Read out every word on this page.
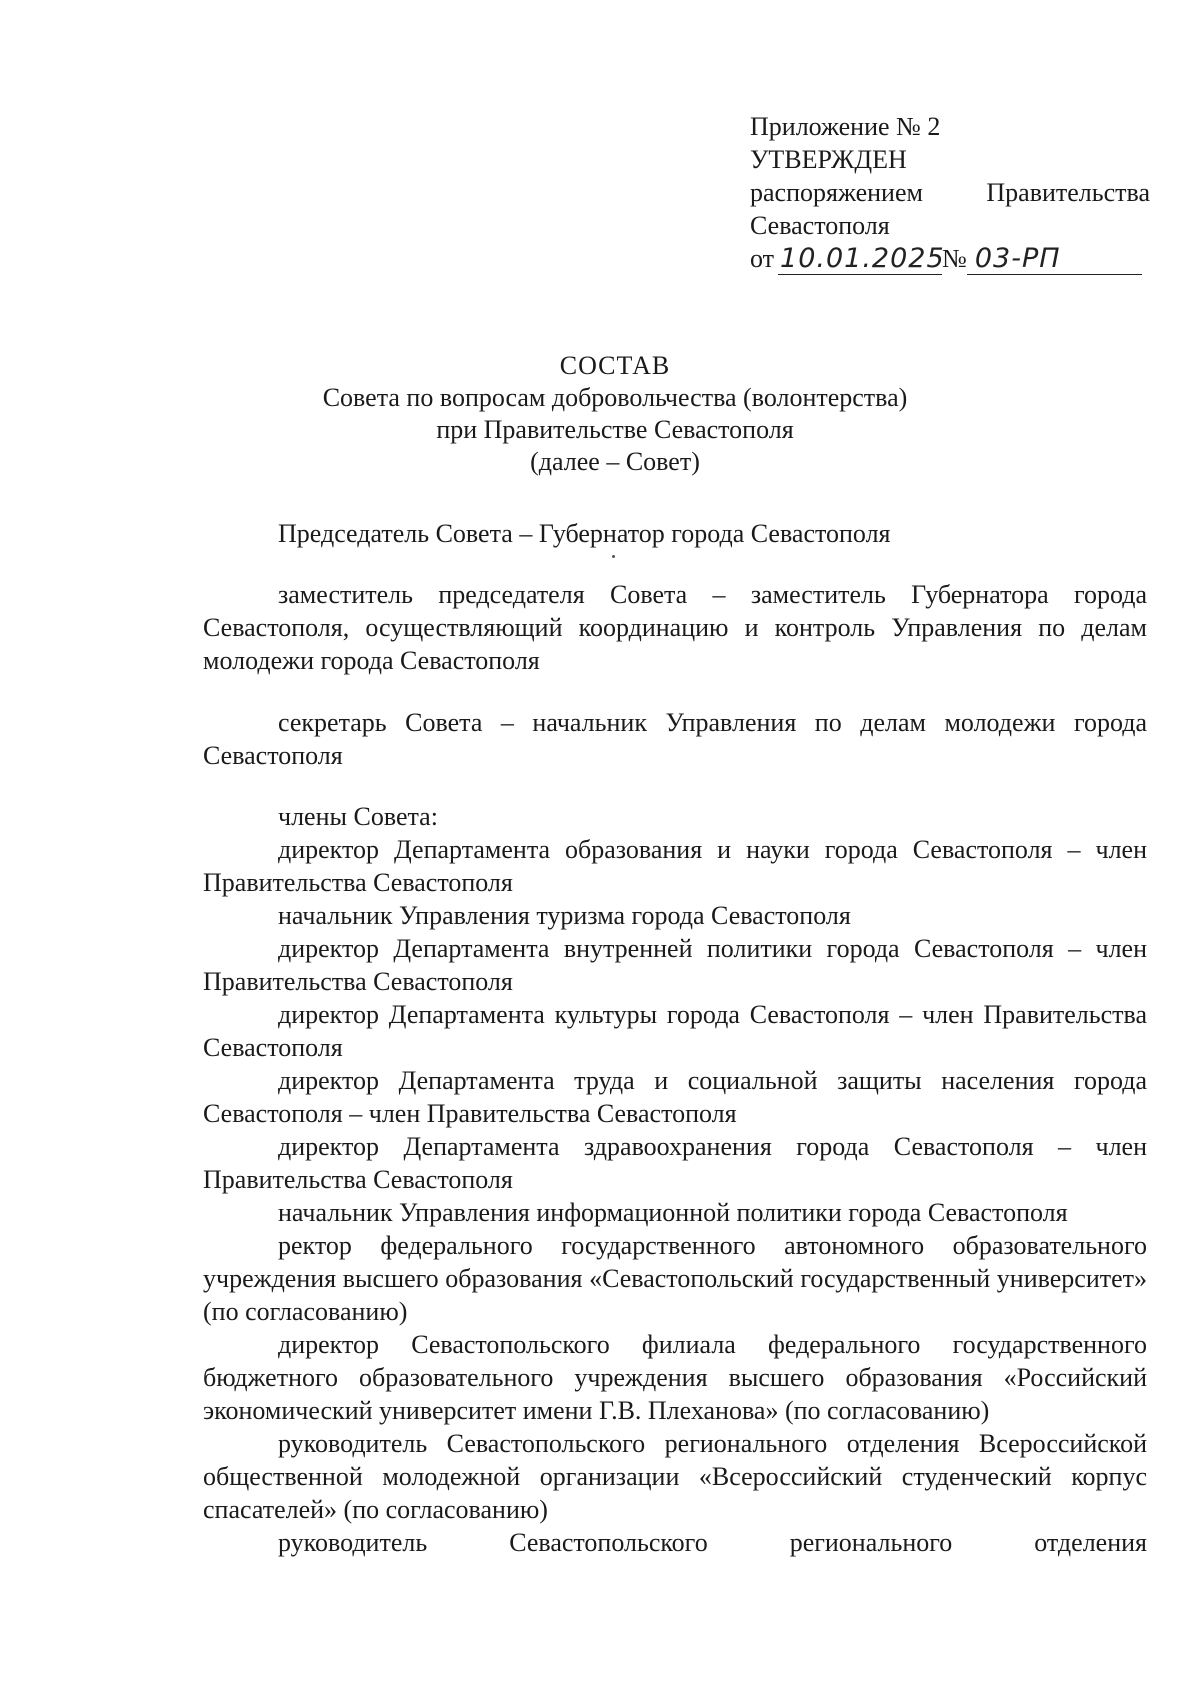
Приложение № 2
УТВЕРЖДЕН
распоряжением Правительства
Севастополя
от 10.01.2025
№ 03-РП
СОСТАВ
Совета по вопросам добровольчества (волонтерства)
при Правительстве Севастополя
(далее – Совет)

Председатель Совета – Губернатор города Севастополя

заместитель председателя Совета – заместитель Губернатора города Севастополя, осуществляющий координацию и контроль Управления по делам молодежи города Севастополя

секретарь Совета – начальник Управления по делам молодежи города Севастополя

члены Совета:

директор Департамента образования и науки города Севастополя – член Правительства Севастополя

начальник Управления туризма города Севастополя

директор Департамента внутренней политики города Севастополя – член Правительства Севастополя

директор Департамента культуры города Севастополя – член Правительства Севастополя

директор Департамента труда и социальной защиты населения города Севастополя – член Правительства Севастополя

директор Департамента здравоохранения города Севастополя – член Правительства Севастополя

начальник Управления информационной политики города Севастополя

ректор федерального государственного автономного образовательного учреждения высшего образования «Севастопольский государственный университет» (по согласованию)

директор Севастопольского филиала федерального государственного бюджетного образовательного учреждения высшего образования «Российский экономический университет имени Г.В. Плеханова» (по согласованию)

руководитель Севастопольского регионального отделения Всероссийской общественной молодежной организации «Всероссийский студенческий корпус спасателей» (по согласованию)

руководитель Севастопольского регионального отделения
